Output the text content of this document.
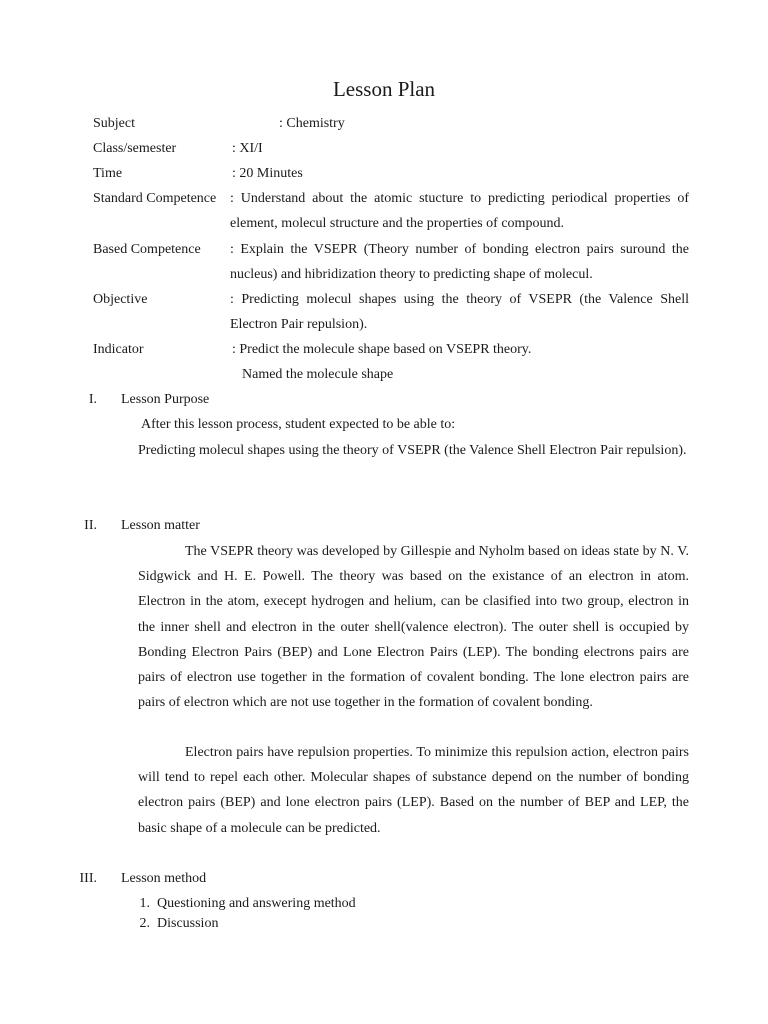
Lesson Plan
Subject	: Chemistry
Class/semester	: XI/I
Time	: 20 Minutes
Standard Competence : Understand about the atomic stucture to predicting periodical properties of element, molecul structure and the properties of compound.
Based Competence : Explain the VSEPR (Theory number of bonding electron pairs suround the nucleus) and hibridization theory to predicting shape of molecul.
Objective	: Predicting molecul shapes using the theory of VSEPR (the Valence Shell Electron Pair repulsion).
Indicator	: Predict the molecule shape based on VSEPR theory.
Named the molecule shape
I. Lesson Purpose
After this lesson process, student expected to be able to:
Predicting molecul shapes using the theory of VSEPR (the Valence Shell Electron Pair repulsion).
II. Lesson matter
The VSEPR theory was developed by Gillespie and Nyholm based on ideas state by N. V. Sidgwick and H. E. Powell. The theory was based on the existance of an electron in atom. Electron in the atom, execept hydrogen and helium, can be clasified into two group, electron in the inner shell and electron in the outer shell(valence electron). The outer shell is occupied by Bonding Electron Pairs (BEP) and Lone Electron Pairs (LEP). The bonding electrons pairs are pairs of electron use together in the formation of covalent bonding. The lone electron pairs are pairs of electron which are not use together in the formation of covalent bonding.
Electron pairs have repulsion properties. To minimize this repulsion action, electron pairs will tend to repel each other. Molecular shapes of substance depend on the number of bonding electron pairs (BEP) and lone electron pairs (LEP). Based on the number of BEP and LEP, the basic shape of a molecule can be predicted.
III. Lesson method
1. Questioning and answering method
2. Discussion
